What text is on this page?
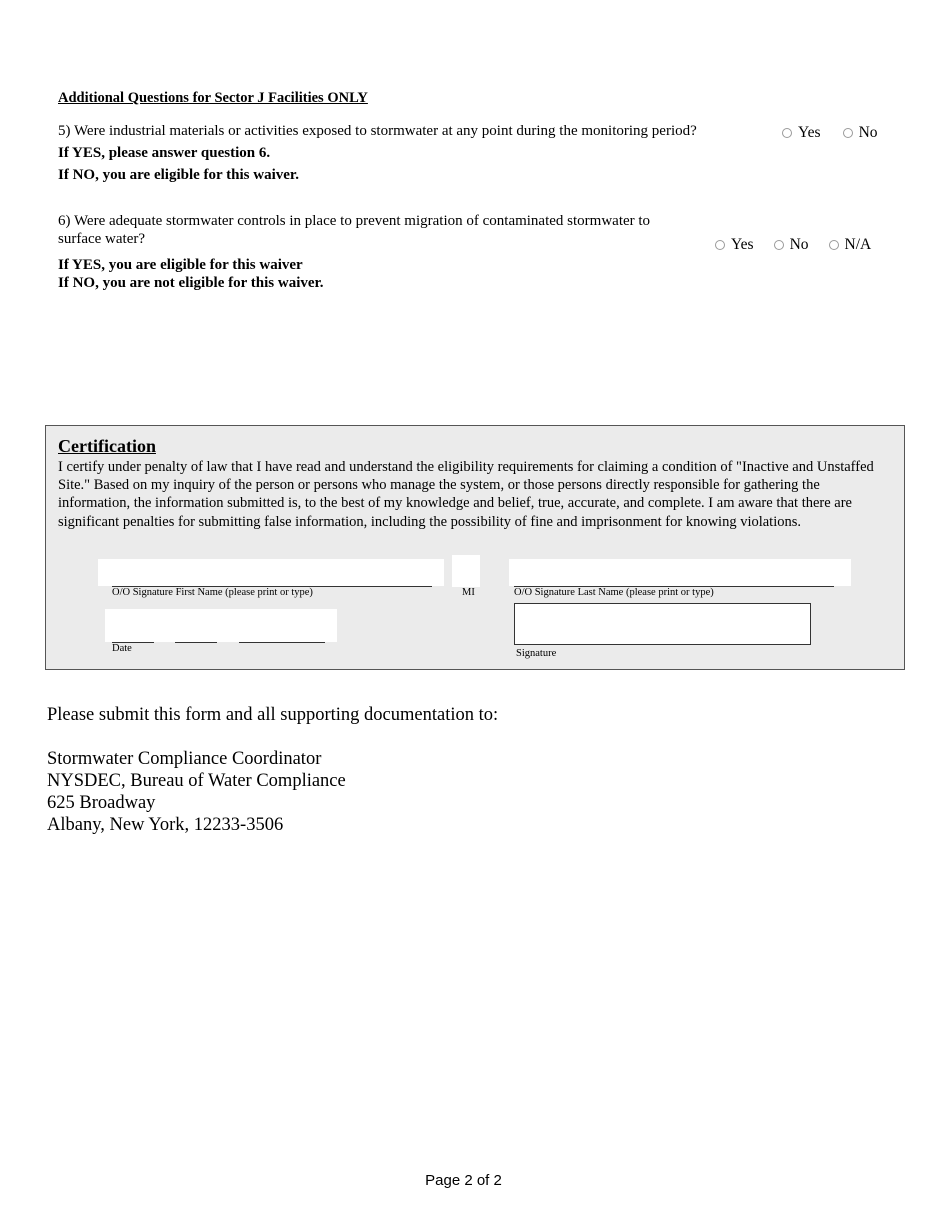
Additional Questions for Sector J Facilities ONLY
5) Were industrial materials or activities exposed to stormwater at any point during the monitoring period?	Yes No
If YES, please answer question 6.
If NO, you are eligible for this waiver.
6) Were adequate stormwater controls in place to prevent migration of contaminated stormwater to
surface water?	Yes No N/A
If YES, you are eligible for this waiver
If NO, you are not eligible for this waiver.
Certification
I certify under penalty of law that I have read and understand the eligibility requirements for claiming a condition of "Inactive and Unstaffed Site." Based on my inquiry of the person or persons who manage the system, or those persons directly responsible for gathering the information, the information submitted is, to the best of my knowledge and belief, true, accurate, and complete. I am aware that there are significant penalties for submitting false information, including the possibility of fine and imprisonment for knowing violations.
O/O Signature First Name (please print or type)	MI	O/O Signature Last Name (please print or type)
Date	Signature
Please submit this form and all supporting documentation to:
Stormwater Compliance Coordinator
NYSDEC, Bureau of Water Compliance
625 Broadway
Albany, New York, 12233-3506
Page 2 of 2
